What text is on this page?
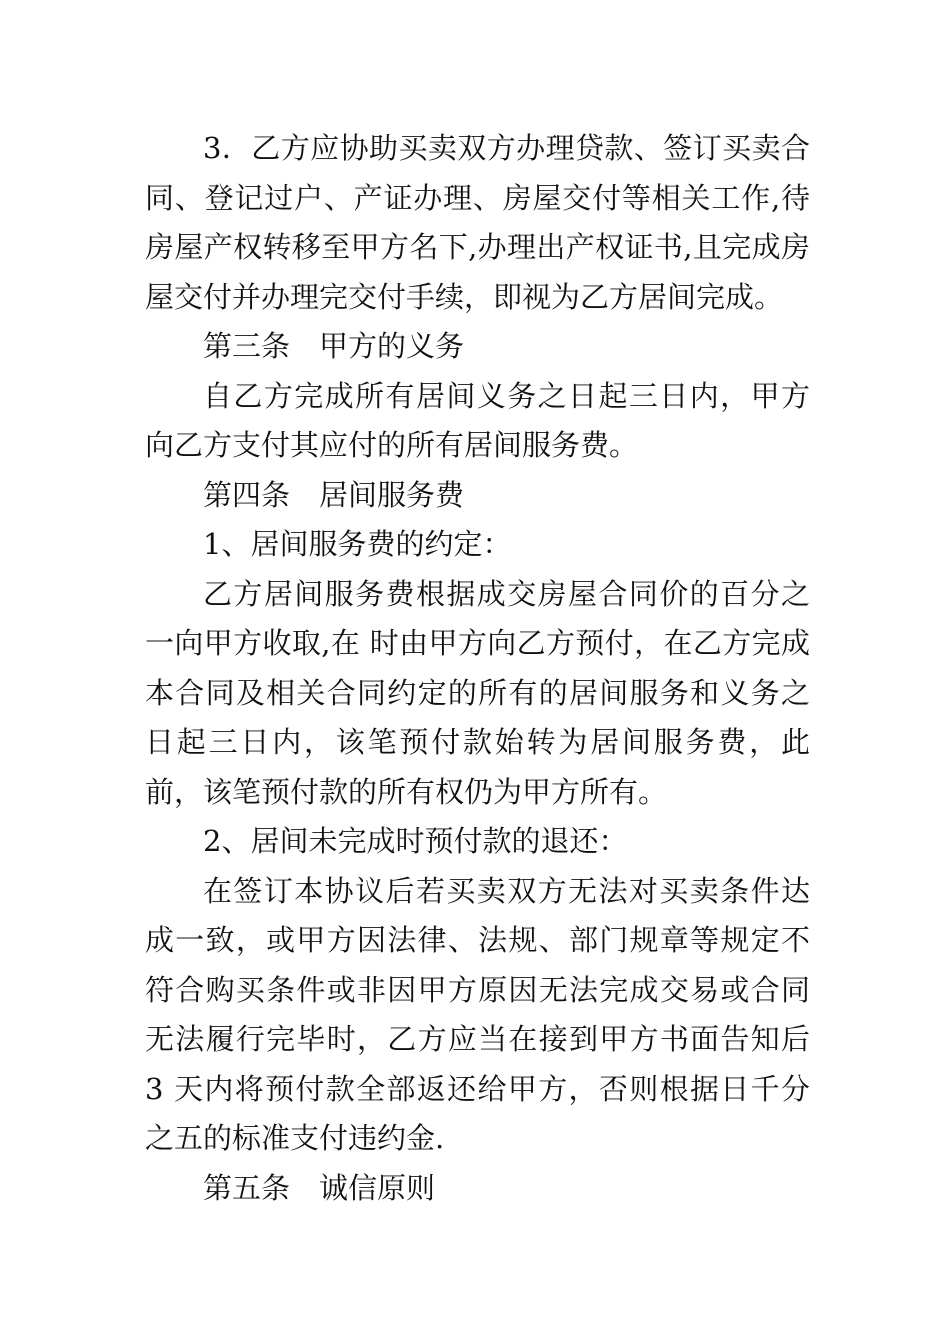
3．乙方应协助买卖双方办理贷款、签订买卖合同、登记过户、产证办理、房屋交付等相关工作,待房屋产权转移至甲方名下,办理出产权证书,且完成房屋交付并办理完交付手续，即视为乙方居间完成。

第三条　甲方的义务

自乙方完成所有居间义务之日起三日内，甲方向乙方支付其应付的所有居间服务费。

第四条　居间服务费

1、居间服务费的约定：

乙方居间服务费根据成交房屋合同价的百分之一向甲方收取,在 时由甲方向乙方预付，在乙方完成本合同及相关合同约定的所有的居间服务和义务之日起三日内，该笔预付款始转为居间服务费，此前，该笔预付款的所有权仍为甲方所有。

2、居间未完成时预付款的退还：

在签订本协议后若买卖双方无法对买卖条件达成一致，或甲方因法律、法规、部门规章等规定不符合购买条件或非因甲方原因无法完成交易或合同无法履行完毕时，乙方应当在接到甲方书面告知后 3 天内将预付款全部返还给甲方，否则根据日千分之五的标准支付违约金.

第五条　诚信原则
